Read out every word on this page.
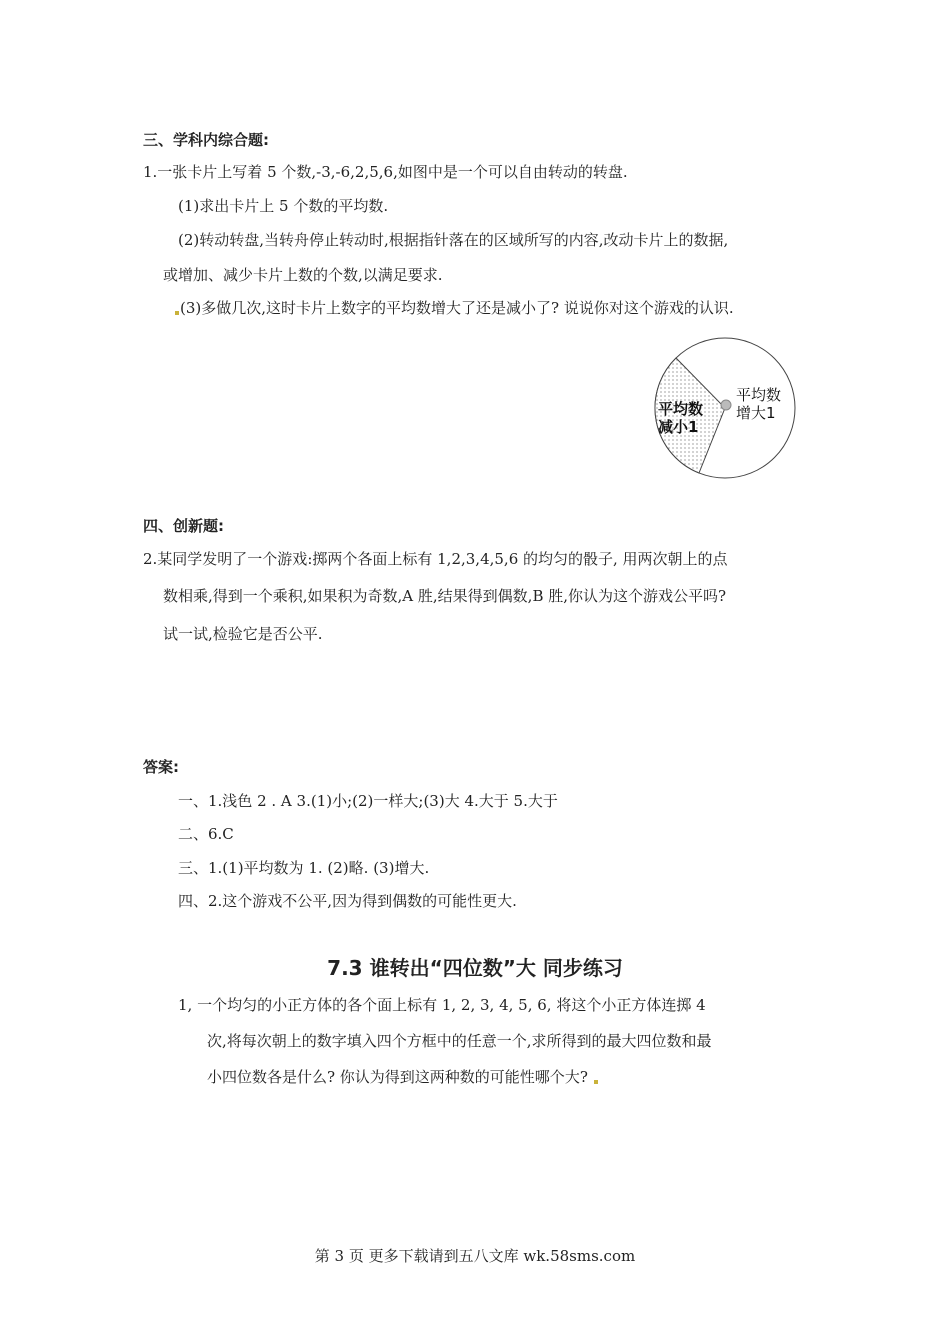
三、学科内综合题:
1.一张卡片上写着 5 个数,-3,-6,2,5,6,如图中是一个可以自由转动的转盘.
(1)求出卡片上 5 个数的平均数.
(2)转动转盘,当转舟停止转动时,根据指针落在的区域所写的内容,改动卡片上的数据,
或增加、减少卡片上数的个数,以满足要求.
(3)多做几次,这时卡片上数字的平均数增大了还是减小了? 说说你对这个游戏的认识.
平均数
减小1
平均数
增大1
四、创新题:
2.某同学发明了一个游戏:掷两个各面上标有 1,2,3,4,5,6 的均匀的骰子, 用两次朝上的点
数相乘,得到一个乘积,如果积为奇数,A 胜,结果得到偶数,B 胜,你认为这个游戏公平吗?
试一试,检验它是否公平.
答案:
一、1.浅色 2 . A 3.(1)小;(2)一样大;(3)大 4.大于 5.大于
二、6.C
三、1.(1)平均数为 1. (2)略. (3)增大.
四、2.这个游戏不公平,因为得到偶数的可能性更大.
7.3 谁转出“四位数”大 同步练习
1, 一个均匀的小正方体的各个面上标有 1, 2, 3, 4, 5, 6, 将这个小正方体连掷 4
次,将每次朝上的数字填入四个方框中的任意一个,求所得到的最大四位数和最
小四位数各是什么? 你认为得到这两种数的可能性哪个大?
第 3 页 更多下载请到五八文库 wk.58sms.com
